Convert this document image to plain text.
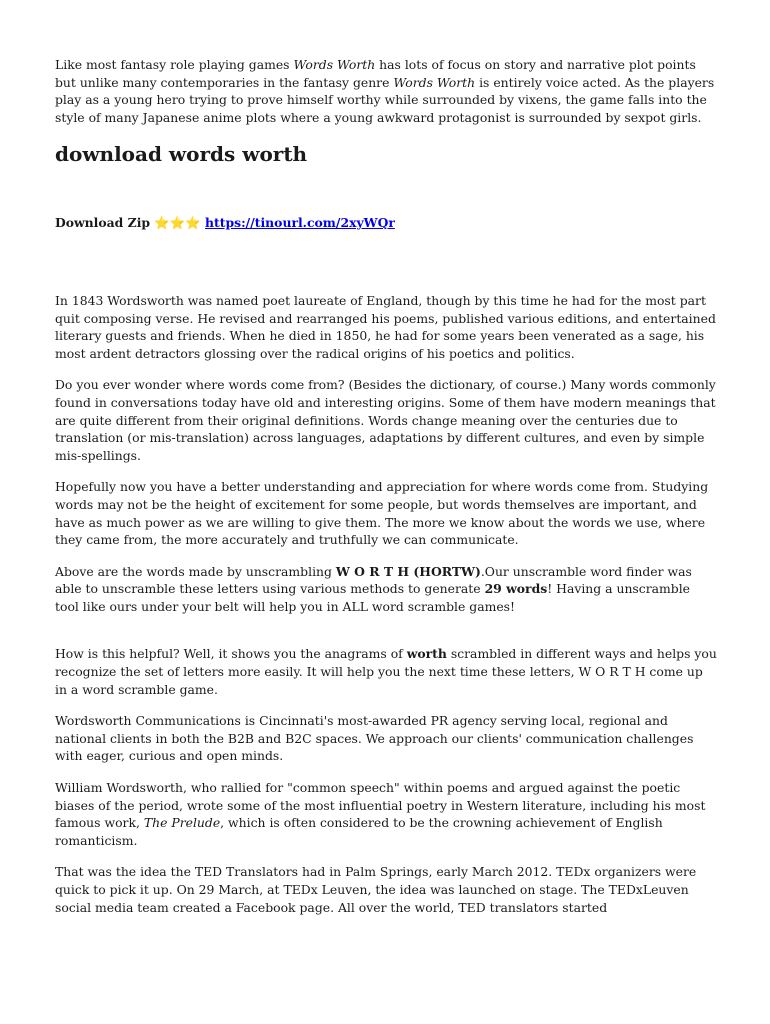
Like most fantasy role playing games Words Worth has lots of focus on story and narrative plot points but unlike many contemporaries in the fantasy genre Words Worth is entirely voice acted. As the players play as a young hero trying to prove himself worthy while surrounded by vixens, the game falls into the style of many Japanese anime plots where a young awkward protagonist is surrounded by sexpot girls.

download words worth
Download Zip ⭐⭐⭐ https://tinourl.com/2xyWQr

In 1843 Wordsworth was named poet laureate of England, though by this time he had for the most part quit composing verse. He revised and rearranged his poems, published various editions, and entertained literary guests and friends. When he died in 1850, he had for some years been venerated as a sage, his most ardent detractors glossing over the radical origins of his poetics and politics.

Do you ever wonder where words come from? (Besides the dictionary, of course.) Many words commonly found in conversations today have old and interesting origins. Some of them have modern meanings that are quite different from their original definitions. Words change meaning over the centuries due to translation (or mis-translation) across languages, adaptations by different cultures, and even by simple mis-spellings.

Hopefully now you have a better understanding and appreciation for where words come from. Studying words may not be the height of excitement for some people, but words themselves are important, and have as much power as we are willing to give them. The more we know about the words we use, where they came from, the more accurately and truthfully we can communicate.

Above are the words made by unscrambling W O R T H (HORTW).Our unscramble word finder was able to unscramble these letters using various methods to generate 29 words! Having a unscramble tool like ours under your belt will help you in ALL word scramble games!

How is this helpful? Well, it shows you the anagrams of worth scrambled in different ways and helps you recognize the set of letters more easily. It will help you the next time these letters, W O R T H come up in a word scramble game.

Wordsworth Communications is Cincinnati's most-awarded PR agency serving local, regional and national clients in both the B2B and B2C spaces. We approach our clients' communication challenges with eager, curious and open minds.

William Wordsworth, who rallied for "common speech" within poems and argued against the poetic biases of the period, wrote some of the most influential poetry in Western literature, including his most famous work, The Prelude, which is often considered to be the crowning achievement of English romanticism.

That was the idea the TED Translators had in Palm Springs, early March 2012. TEDx organizers were quick to pick it up. On 29 March, at TEDx Leuven, the idea was launched on stage. The TEDxLeuven social media team created a Facebook page. All over the world, TED translators started
